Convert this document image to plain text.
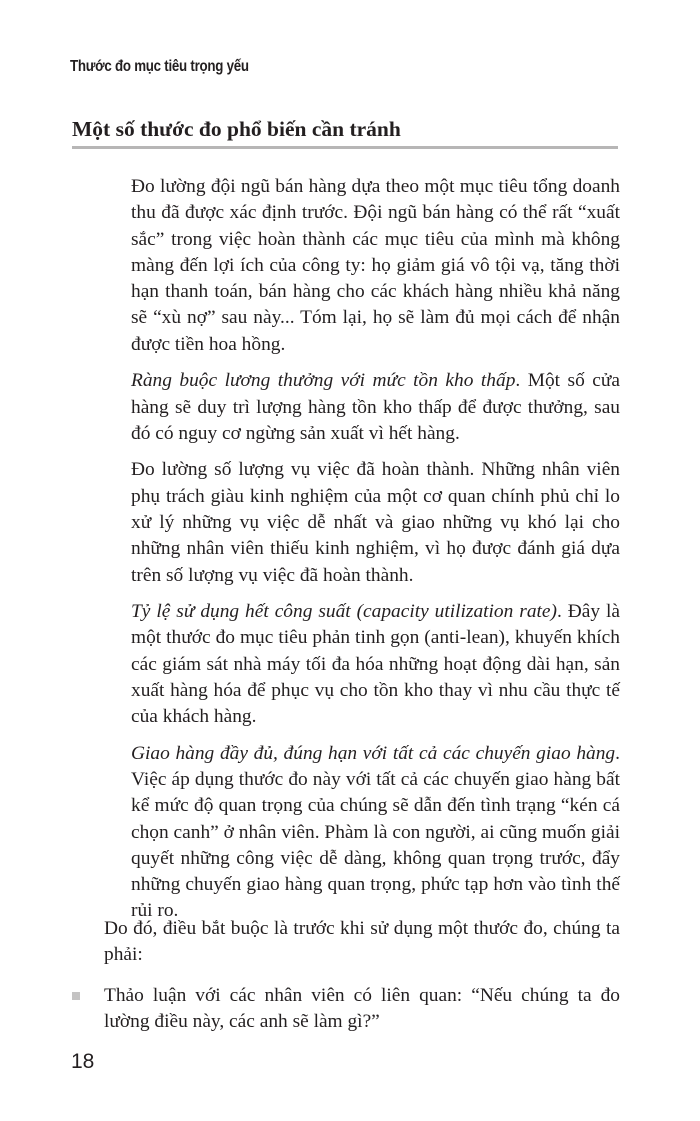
Thước đo mục tiêu trọng yếu
Một số thước đo phổ biến cần tránh

Đo lường đội ngũ bán hàng dựa theo một mục tiêu tổng doanh thu đã được xác định trước. Đội ngũ bán hàng có thể rất “xuất sắc” trong việc hoàn thành các mục tiêu của mình mà không màng đến lợi ích của công ty: họ giảm giá vô tội vạ, tăng thời hạn thanh toán, bán hàng cho các khách hàng nhiều khả năng sẽ “xù nợ” sau này... Tóm lại, họ sẽ làm đủ mọi cách để nhận được tiền hoa hồng.

Ràng buộc lương thưởng với mức tồn kho thấp. Một số cửa hàng sẽ duy trì lượng hàng tồn kho thấp để được thưởng, sau đó có nguy cơ ngừng sản xuất vì hết hàng.

Đo lường số lượng vụ việc đã hoàn thành. Những nhân viên phụ trách giàu kinh nghiệm của một cơ quan chính phủ chỉ lo xử lý những vụ việc dễ nhất và giao những vụ khó lại cho những nhân viên thiếu kinh nghiệm, vì họ được đánh giá dựa trên số lượng vụ việc đã hoàn thành.

Tỷ lệ sử dụng hết công suất (capacity utilization rate). Đây là một thước đo mục tiêu phản tinh gọn (anti-lean), khuyến khích các giám sát nhà máy tối đa hóa những hoạt động dài hạn, sản xuất hàng hóa để phục vụ cho tồn kho thay vì nhu cầu thực tế của khách hàng.

Giao hàng đầy đủ, đúng hạn với tất cả các chuyến giao hàng. Việc áp dụng thước đo này với tất cả các chuyến giao hàng bất kể mức độ quan trọng của chúng sẽ dẫn đến tình trạng “kén cá chọn canh” ở nhân viên. Phàm là con người, ai cũng muốn giải quyết những công việc dễ dàng, không quan trọng trước, đẩy những chuyến giao hàng quan trọng, phức tạp hơn vào tình thế rủi ro.

Do đó, điều bắt buộc là trước khi sử dụng một thước đo, chúng ta phải:
Thảo luận với các nhân viên có liên quan: “Nếu chúng ta đo lường điều này, các anh sẽ làm gì?”
18
